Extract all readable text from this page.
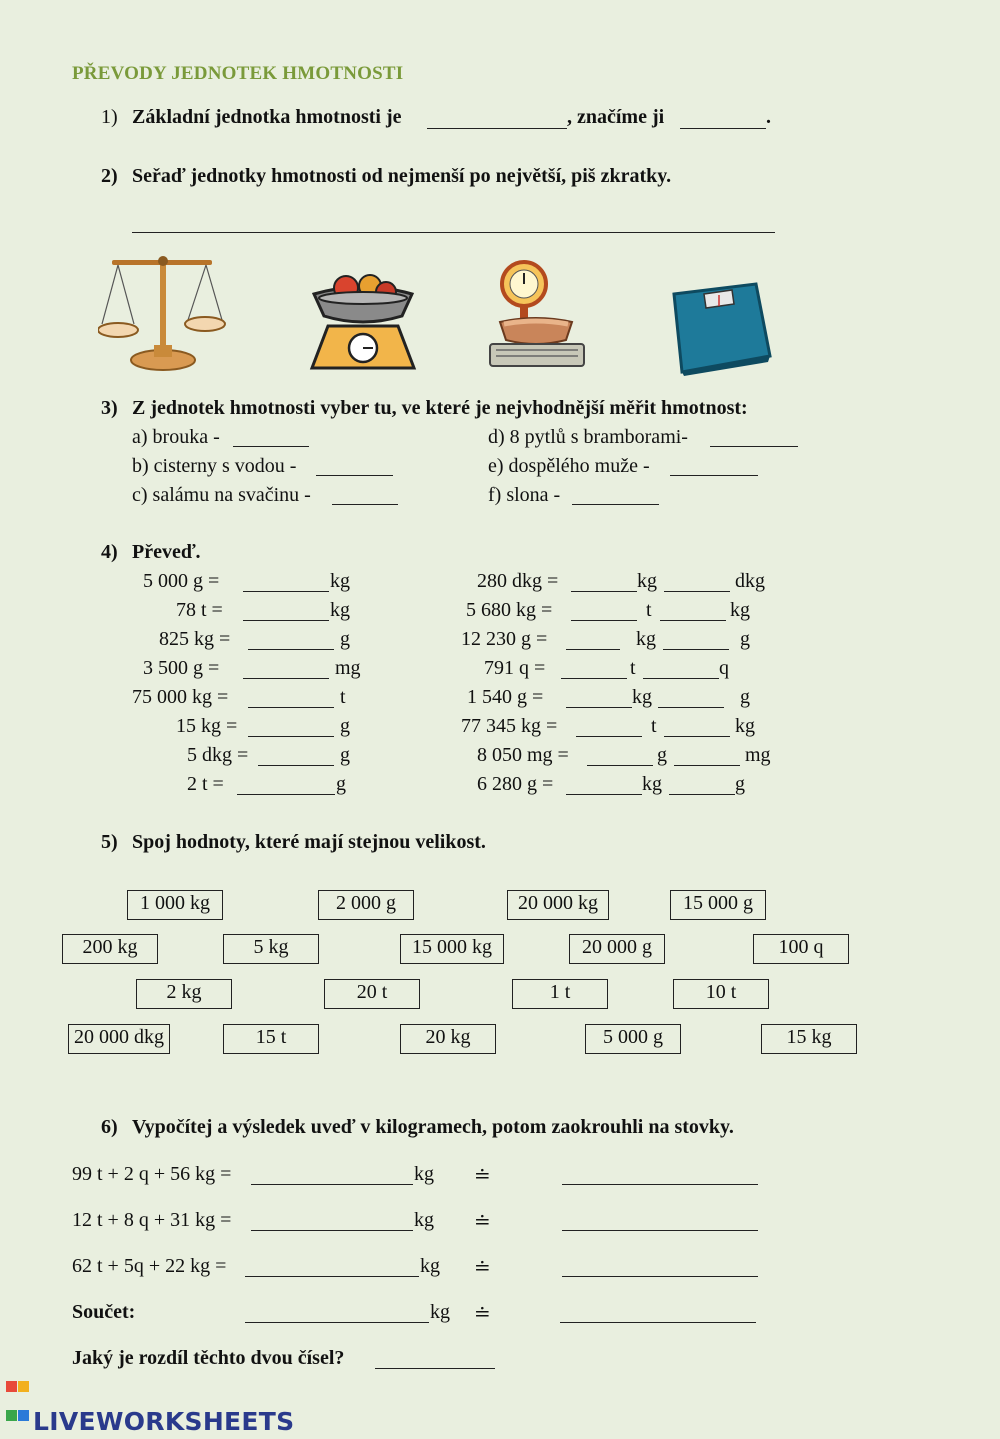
PŘEVODY JEDNOTEK HMOTNOSTI
1) Základní jednotka hmotnosti je	, značíme ji	.
2) Seřaď jednotky hmotnosti od nejmenší po největší, piš zkratky.
3) Z jednotek hmotnosti vyber tu, ve které je nejvhodnější měřit hmotnost:
a) brouka -
b) cisterny s vodou -
c) salámu na svačinu -
d) 8 pytlů s bramborami-
e) dospělého muže -
f) slona -
4) Převeď.
5 000 g =	kg
78 t =	kg
825 kg =	g
3 500 g =	mg
75 000 kg =	t
15 kg =	g
5 dkg =	g
2 t =	g
280 dkg =	kg	dkg
5 680 kg =	t	kg
12 230 g =	kg	g
791 q =	t	q
1 540 g =	kg	g
77 345 kg =	t	kg
8 050 mg =	g	mg
6 280 g =	kg	g
5) Spoj hodnoty, které mají stejnou velikost.
1 000 kg	2 000 g	20 000 kg	15 000 g
200 kg	5 kg	15 000 kg	20 000 g	100 q
2 kg	20 t	1 t	10 t
20 000 dkg	15 t	20 kg	5 000 g	15 kg
6) Vypočítej a výsledek uveď v kilogramech, potom zaokrouhli na stovky.
99 t + 2 q + 56 kg =	kg ≐
12 t + 8 q + 31 kg =	kg ≐
62 t + 5q + 22 kg =	kg ≐
Součet:	kg ≐
Jaký je rozdíl těchto dvou čísel?

LIVEWORKSHEETS
